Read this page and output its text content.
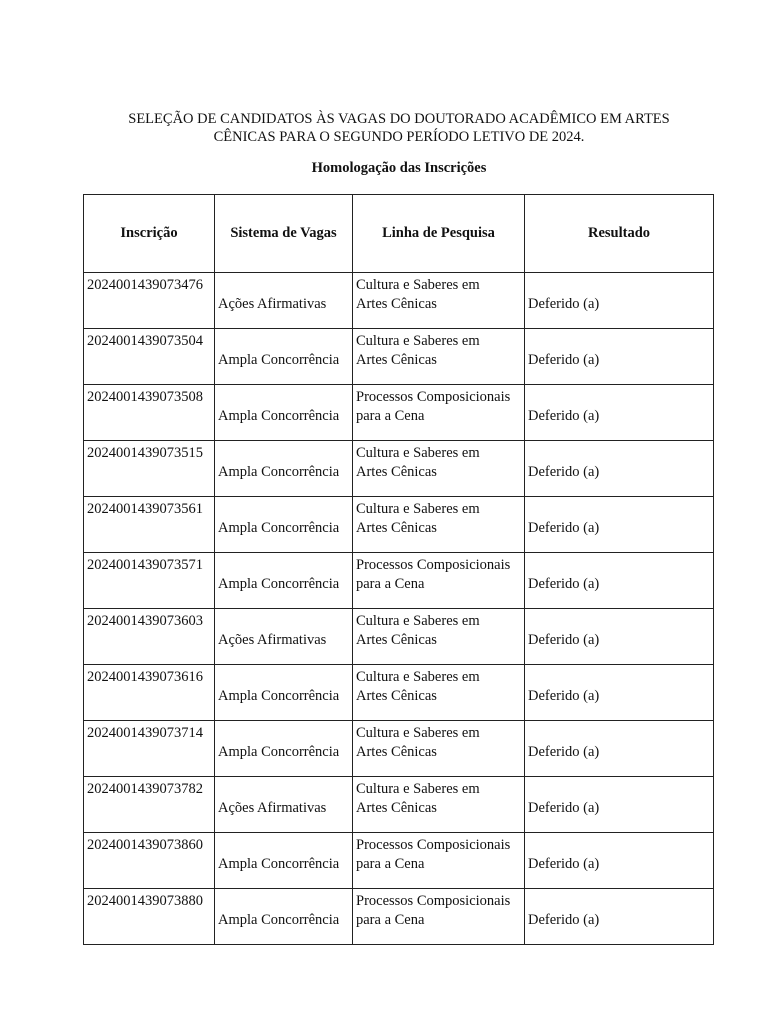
SELEÇÃO DE CANDIDATOS ÀS VAGAS DO DOUTORADO ACADÊMICO EM ARTES
CÊNICAS PARA O SEGUNDO PERÍODO LETIVO DE 2024.
Homologação das Inscrições
Inscrição	Sistema de Vagas	Linha de Pesquisa	Resultado

2024001439073476	Ações Afirmativas	Cultura e Saberes em
Artes Cênicas	Deferido (a)

2024001439073504	Ampla Concorrência	Cultura e Saberes em
Artes Cênicas	Deferido (a)

2024001439073508	Ampla Concorrência	Processos Composicionais
para a Cena	Deferido (a)

2024001439073515	Ampla Concorrência	Cultura e Saberes em
Artes Cênicas	Deferido (a)

2024001439073561	Ampla Concorrência	Cultura e Saberes em
Artes Cênicas	Deferido (a)

2024001439073571	Ampla Concorrência	Processos Composicionais
para a Cena	Deferido (a)

2024001439073603	Ações Afirmativas	Cultura e Saberes em
Artes Cênicas	Deferido (a)

2024001439073616	Ampla Concorrência	Cultura e Saberes em
Artes Cênicas	Deferido (a)

2024001439073714	Ampla Concorrência	Cultura e Saberes em
Artes Cênicas	Deferido (a)

2024001439073782	Ações Afirmativas	Cultura e Saberes em
Artes Cênicas	Deferido (a)

2024001439073860	Ampla Concorrência	Processos Composicionais
para a Cena	Deferido (a)

2024001439073880	Ampla Concorrência	Processos Composicionais
para a Cena	Deferido (a)
